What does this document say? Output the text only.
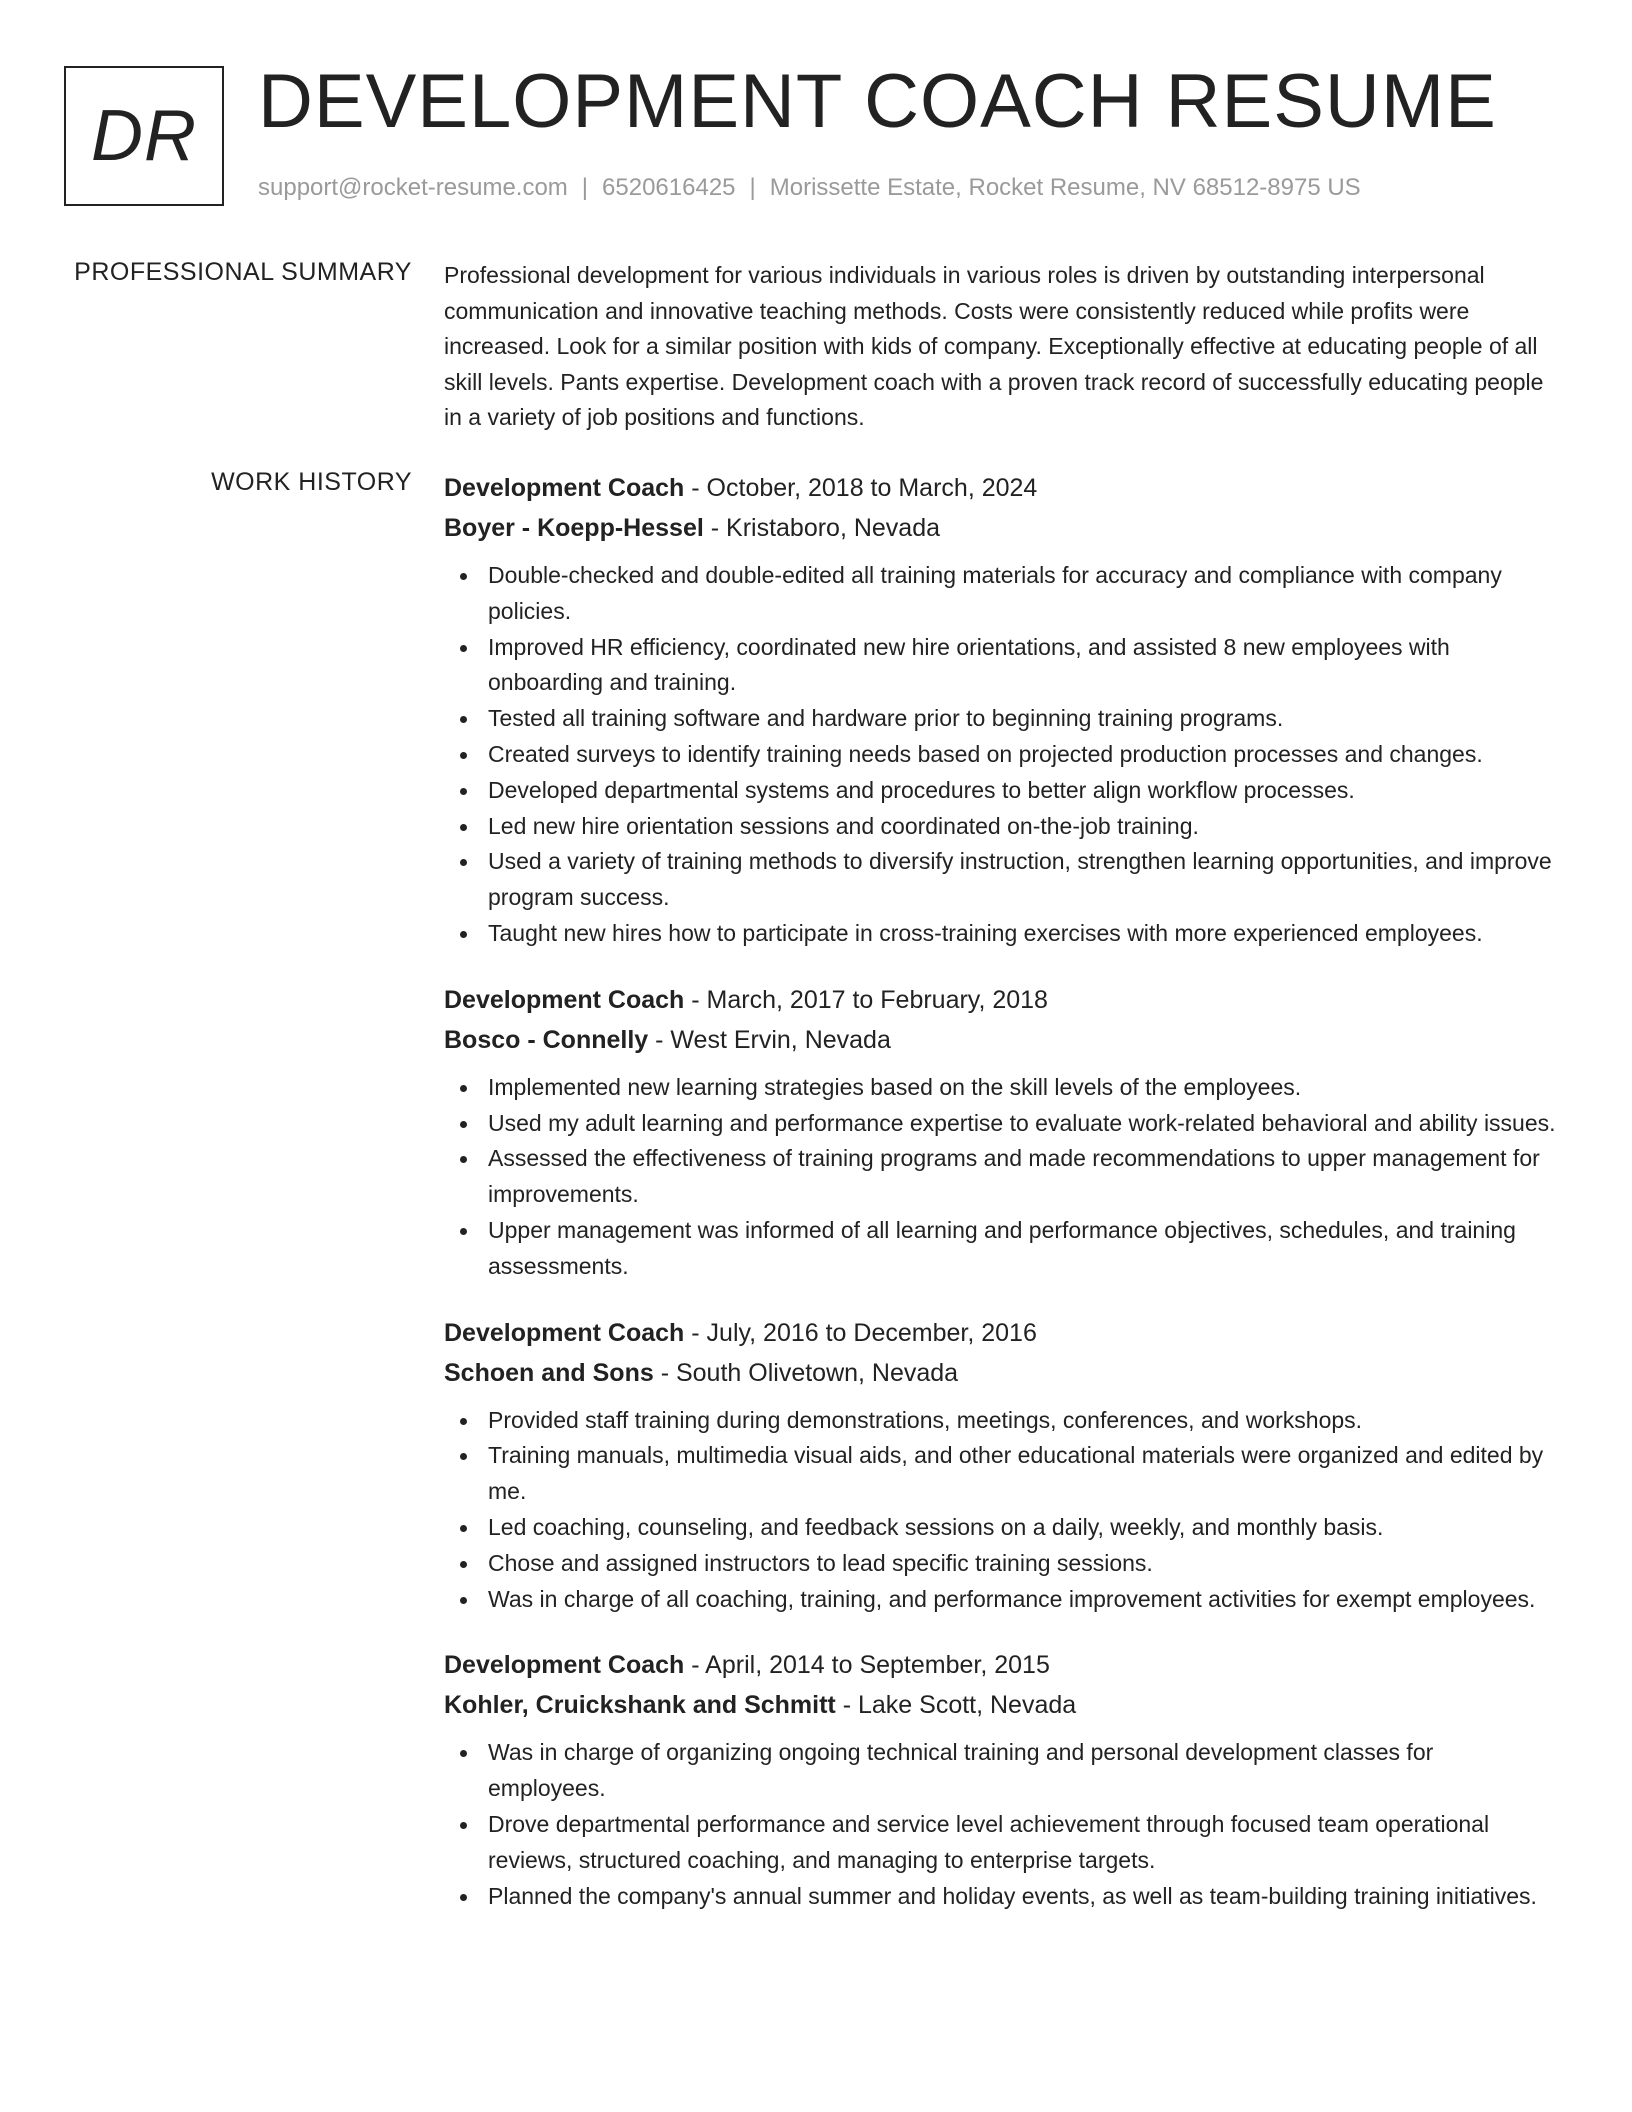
DR DEVELOPMENT COACH RESUME
support@rocket-resume.com | 6520616425 | Morissette Estate, Rocket Resume, NV 68512-8975 US
PROFESSIONAL SUMMARY Professional development for various individuals in various roles is driven by outstanding interpersonal communication and innovative teaching methods. Costs were consistently reduced while profits were increased. Look for a similar position with kids of company. Exceptionally effective at educating people of all skill levels. Pants expertise. Development coach with a proven track record of successfully educating people in a variety of job positions and functions.

WORK HISTORY Development Coach - October, 2018 to March, 2024
Boyer - Koepp-Hessel - Kristaboro, Nevada
Double-checked and double-edited all training materials for accuracy and compliance with company policies.
Improved HR efficiency, coordinated new hire orientations, and assisted 8 new employees with onboarding and training.
Tested all training software and hardware prior to beginning training programs.
Created surveys to identify training needs based on projected production processes and changes.
Developed departmental systems and procedures to better align workflow processes.
Led new hire orientation sessions and coordinated on-the-job training.
Used a variety of training methods to diversify instruction, strengthen learning opportunities, and improve program success.
Taught new hires how to participate in cross-training exercises with more experienced employees.
Development Coach - March, 2017 to February, 2018
Bosco - Connelly - West Ervin, Nevada
Implemented new learning strategies based on the skill levels of the employees.
Used my adult learning and performance expertise to evaluate work-related behavioral and ability issues.
Assessed the effectiveness of training programs and made recommendations to upper management for improvements.
Upper management was informed of all learning and performance objectives, schedules, and training assessments.
Development Coach - July, 2016 to December, 2016
Schoen and Sons - South Olivetown, Nevada
Provided staff training during demonstrations, meetings, conferences, and workshops.
Training manuals, multimedia visual aids, and other educational materials were organized and edited by me.
Led coaching, counseling, and feedback sessions on a daily, weekly, and monthly basis.
Chose and assigned instructors to lead specific training sessions.
Was in charge of all coaching, training, and performance improvement activities for exempt employees.
Development Coach - April, 2014 to September, 2015
Kohler, Cruickshank and Schmitt - Lake Scott, Nevada
Was in charge of organizing ongoing technical training and personal development classes for employees.
Drove departmental performance and service level achievement through focused team operational reviews, structured coaching, and managing to enterprise targets.
Planned the company's annual summer and holiday events, as well as team-building training initiatives.
